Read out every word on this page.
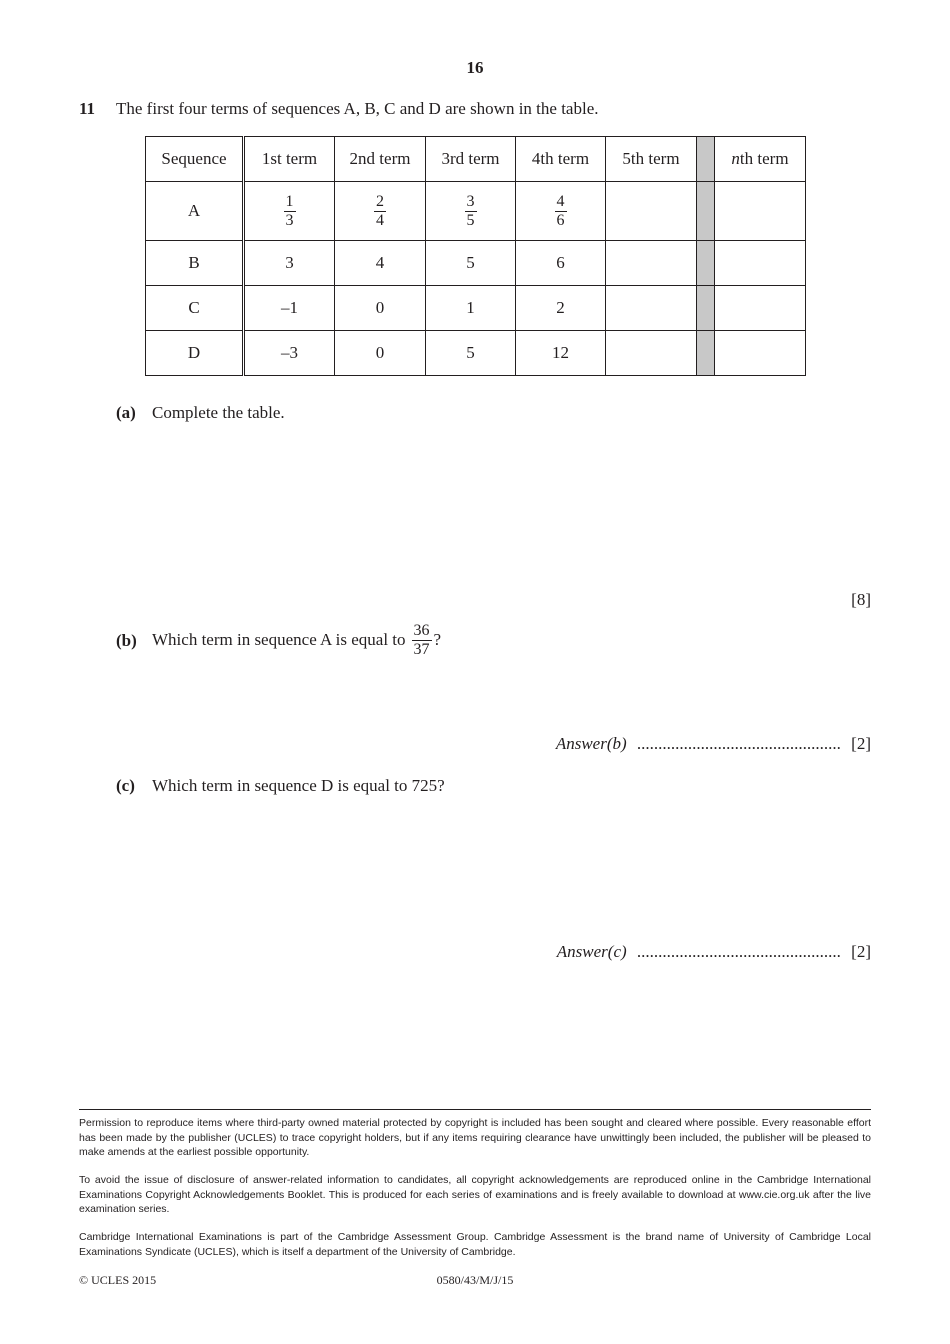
16
11 The first four terms of sequences A, B, C and D are shown in the table.
Sequence	1st term	2nd term	3rd term	4th term	5th term		nth term
A	$\frac{1}{3}$	$\frac{2}{4}$	$\frac{3}{5}$	$\frac{4}{6}$

B	3	4	5	6			
C	–1	0	1	2			
D	–3	0	5	12			
(a) Complete the table.
[8]
(b) Which term in sequence A is equal to $\frac{36}{37}$ ?
Answer(b) ................................................ [2]
(c) Which term in sequence D is equal to 725?
Answer(c) ................................................ [2]
Permission to reproduce items where third-party owned material protected by copyright is included has been sought and cleared where possible. Every reasonable effort has been made by the publisher (UCLES) to trace copyright holders, but if any items requiring clearance have unwittingly been included, the publisher will be pleased to make amends at the earliest possible opportunity.
To avoid the issue of disclosure of answer-related information to candidates, all copyright acknowledgements are reproduced online in the Cambridge International Examinations Copyright Acknowledgements Booklet. This is produced for each series of examinations and is freely available to download at www.cie.org.uk after the live examination series.
Cambridge International Examinations is part of the Cambridge Assessment Group. Cambridge Assessment is the brand name of University of Cambridge Local Examinations Syndicate (UCLES), which is itself a department of the University of Cambridge.
© UCLES 2015	0580/43/M/J/15
